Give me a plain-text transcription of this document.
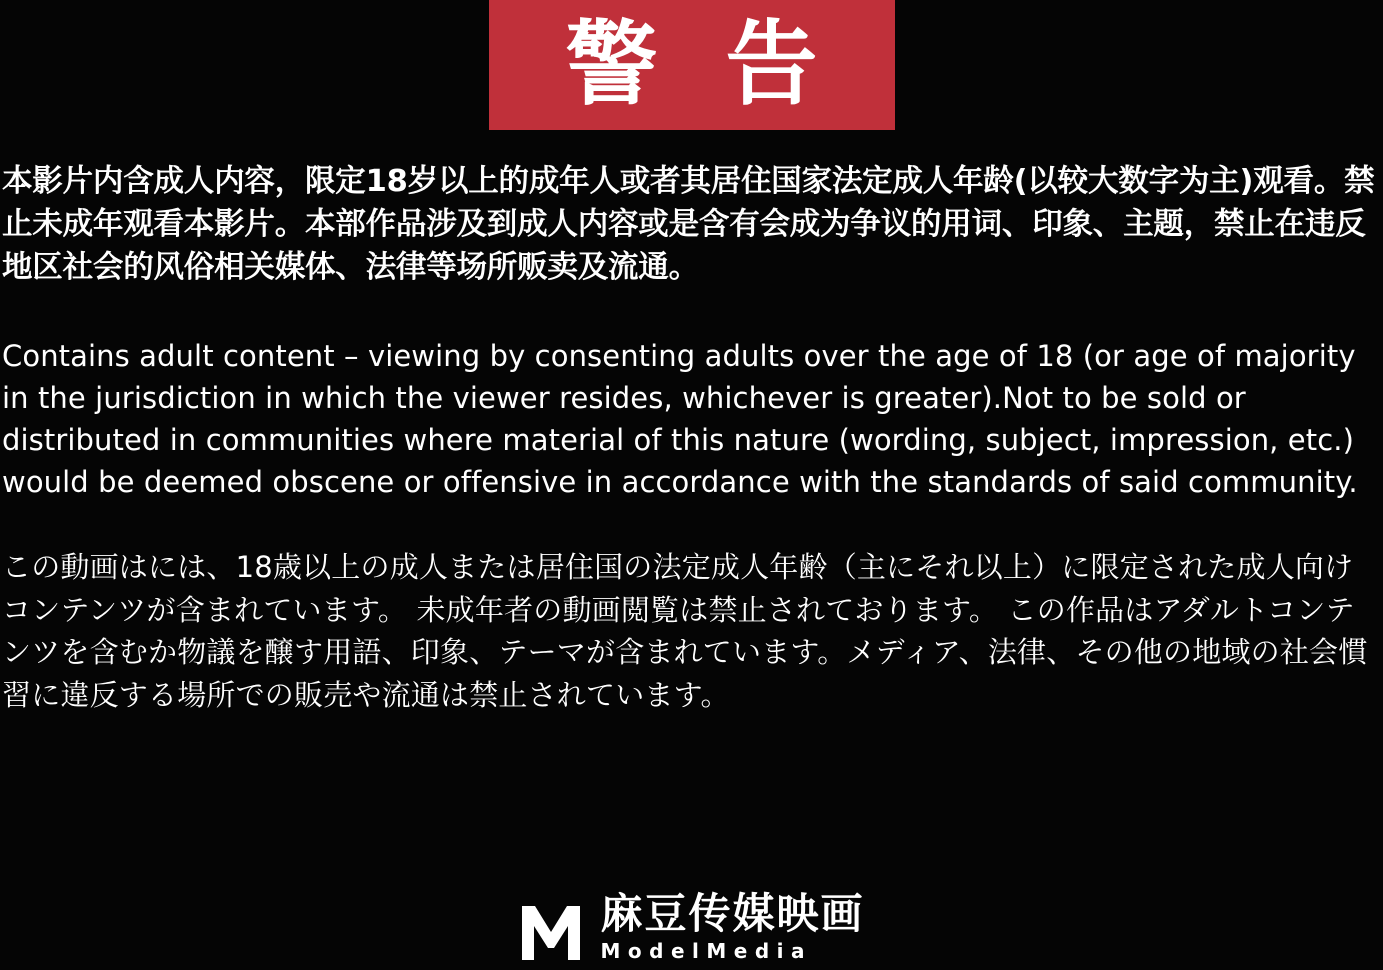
警 告

本影片内含成人内容，限定18岁以上的成年人或者其居住国家法定成人年龄(以较大数字为主)观看。禁止未成年观看本影片。本部作品涉及到成人内容或是含有会成为争议的用词、印象、主题，禁止在违反地区社会的风俗相关媒体、法律等场所贩卖及流通。

Contains adult content – viewing by consenting adults over the age of 18 (or age of majority in the jurisdiction in which the viewer resides, whichever is greater).Not to be sold or distributed in communities where material of this nature (wording, subject, impression, etc.) would be deemed obscene or offensive in accordance with the standards of said community.

この動画はには、18歳以上の成人または居住国の法定成人年齢（主にそれ以上）に限定された成人向けコンテンツが含まれています。 未成年者の動画閲覧は禁止されております。 この作品はアダルトコンテンツを含むか物議を醸す用語、印象、テーマが含まれています。メディア、法律、その他の地域の社会慣習に違反する場所での販売や流通は禁止されています。

麻豆传媒映画
ModelMedia
